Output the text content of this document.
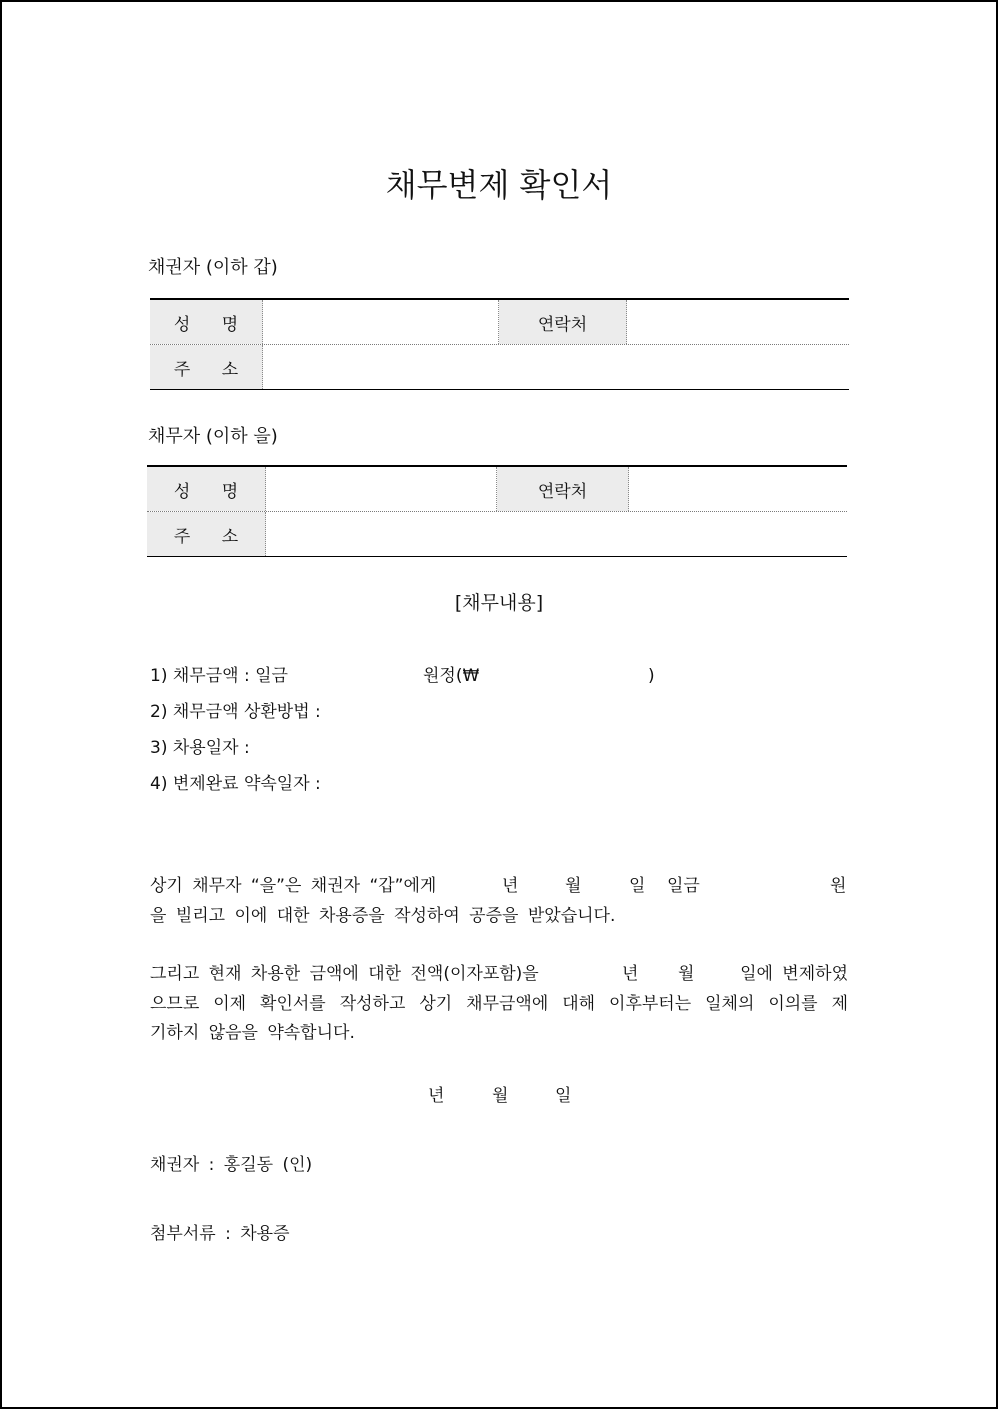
채무변제 확인서
채권자 (이하 갑)
성 명	연락처
주 소
채무자 (이하 을)
성 명	연락처
주 소
[채무내용]
1) 채무금액 : 일금	원정(₩	)
2) 채무금액 상환방법 :
3) 차용일자 :
4) 변제완료 약속일자 :
상기 채무자 “을”은 채권자 “갑”에게	년	월	일 일금	원
을 빌리고 이에 대한 차용증을 작성하여 공증을 받았습니다.
그리고 현재 차용한 금액에 대한 전액(이자포함)을	년 월	일에 변제하였
으므로 이제 확인서를 작성하고 상기 채무금액에 대해 이후부터는 일체의 이의를 제
기하지 않음을 약속합니다.
년	월	일
채권자 : 홍길동 (인)
첨부서류 : 차용증
